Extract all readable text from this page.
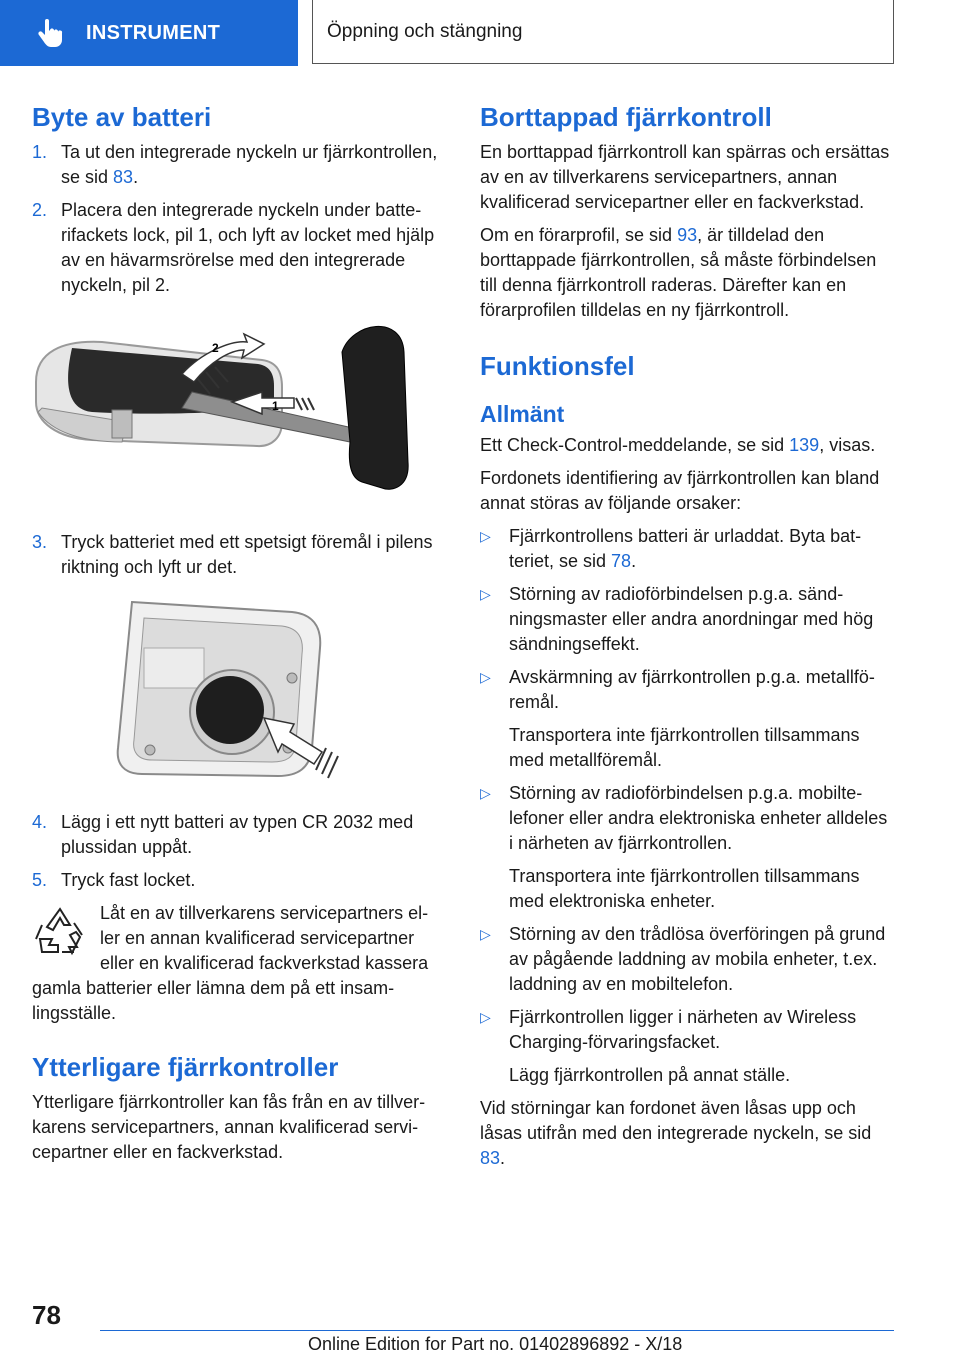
INSTRUMENT	Öppning och stängning
Byte av batteri
1. Ta ut den integrerade nyckeln ur fjärrkontrollen, se sid 83.
2. Placera den integrerade nyckeln under batterifackets lock, pil 1, och lyft av locket med hjälp av en hävarmsrörelse med den integrerade nyckeln, pil 2.
1
2
3. Tryck batteriet med ett spetsigt föremål i pilens riktning och lyft ur det.
4. Lägg i ett nytt batteri av typen CR 2032 med plussidan uppåt.
5. Tryck fast locket.
Låt en av tillverkarens servicepartners eller en annan kvalificerad servicepartner eller en kvalificerad fackverkstad kassera gamla batterier eller lämna dem på ett insamlingsställe.
Ytterligare fjärrkontroller

Ytterligare fjärrkontroller kan fås från en av tillverkarens servicepartners, annan kvalificerad servicepartner eller en fackverkstad.

Borttappad fjärrkontroll

En borttappad fjärrkontroll kan spärras och ersättas av en av tillverkarens servicepartners, annan kvalificerad servicepartner eller en fackverkstad.

Om en förarprofil, se sid 93, är tilldelad den borttappade fjärrkontrollen, så måste förbindelsen till denna fjärrkontroll raderas. Därefter kan en förarprofilen tilldelas en ny fjärrkontroll.

Funktionsfel
Allmänt

Ett Check-Control-meddelande, se sid 139, visas.

Fordonets identifiering av fjärrkontrollen kan bland annat störas av följande orsaker:

▷	Fjärrkontrollens batteri är urladdat. Byta batteriet, se sid 78.
▷	Störning av radioförbindelsen p.g.a. sändningsmaster eller andra anordningar med hög sändningseffekt.
▷	Avskärmning av fjärrkontrollen p.g.a. metallföremål.
Transportera inte fjärrkontrollen tillsammans med metallföremål.
▷	Störning av radioförbindelsen p.g.a. mobiltelefoner eller andra elektroniska enheter alldeles i närheten av fjärrkontrollen.
Transportera inte fjärrkontrollen tillsammans med elektroniska enheter.
▷	Störning av den trådlösa överföringen på grund av pågående laddning av mobila enheter, t.ex. laddning av en mobiltelefon.
▷	Fjärrkontrollen ligger i närheten av Wireless Charging-förvaringsfacket.
Lägg fjärrkontrollen på annat ställe.

Vid störningar kan fordonet även låsas upp och låsas utifrån med den integrerade nyckeln, se sid 83.

78
Online Edition for Part no. 01402896892 - X/18
